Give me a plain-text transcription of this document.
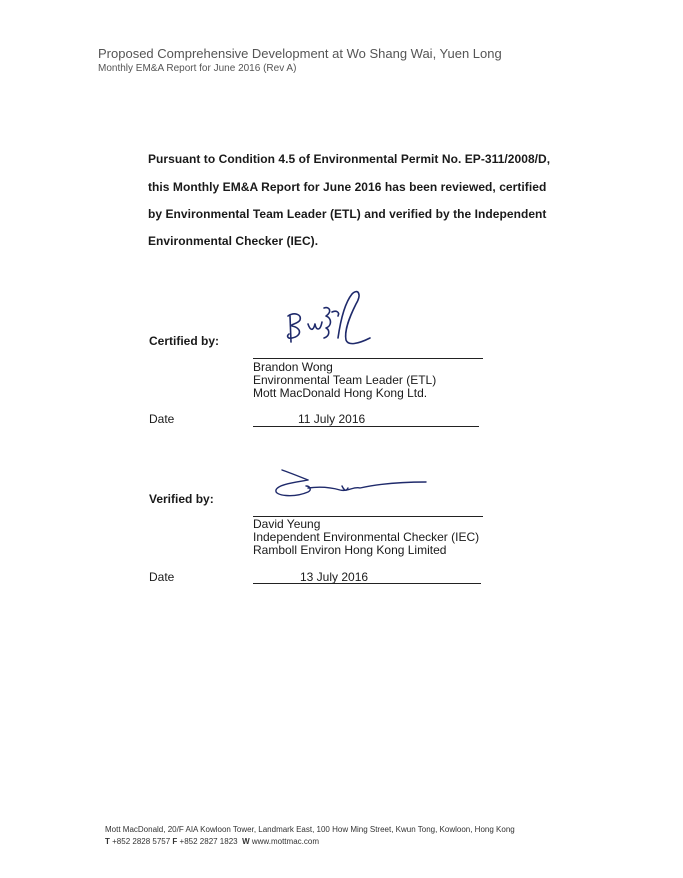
Proposed Comprehensive Development at Wo Shang Wai, Yuen Long
Monthly EM&A Report for June 2016 (Rev A)
Pursuant to Condition 4.5 of Environmental Permit No. EP-311/2008/D,
this Monthly EM&A Report for June 2016 has been reviewed, certified
by Environmental Team Leader (ETL) and verified by the Independent
Environmental Checker (IEC).
Certified by:
Brandon Wong
Environmental Team Leader (ETL)
Mott MacDonald Hong Kong Ltd.
Date	11 July 2016
Verified by:
David Yeung
Independent Environmental Checker (IEC)
Ramboll Environ Hong Kong Limited
Date	13 July 2016
Mott MacDonald, 20/F AIA Kowloon Tower, Landmark East, 100 How Ming Street, Kwun Tong, Kowloon, Hong Kong
T +852 2828 5757 F +852 2827 1823 W www.mottmac.com
